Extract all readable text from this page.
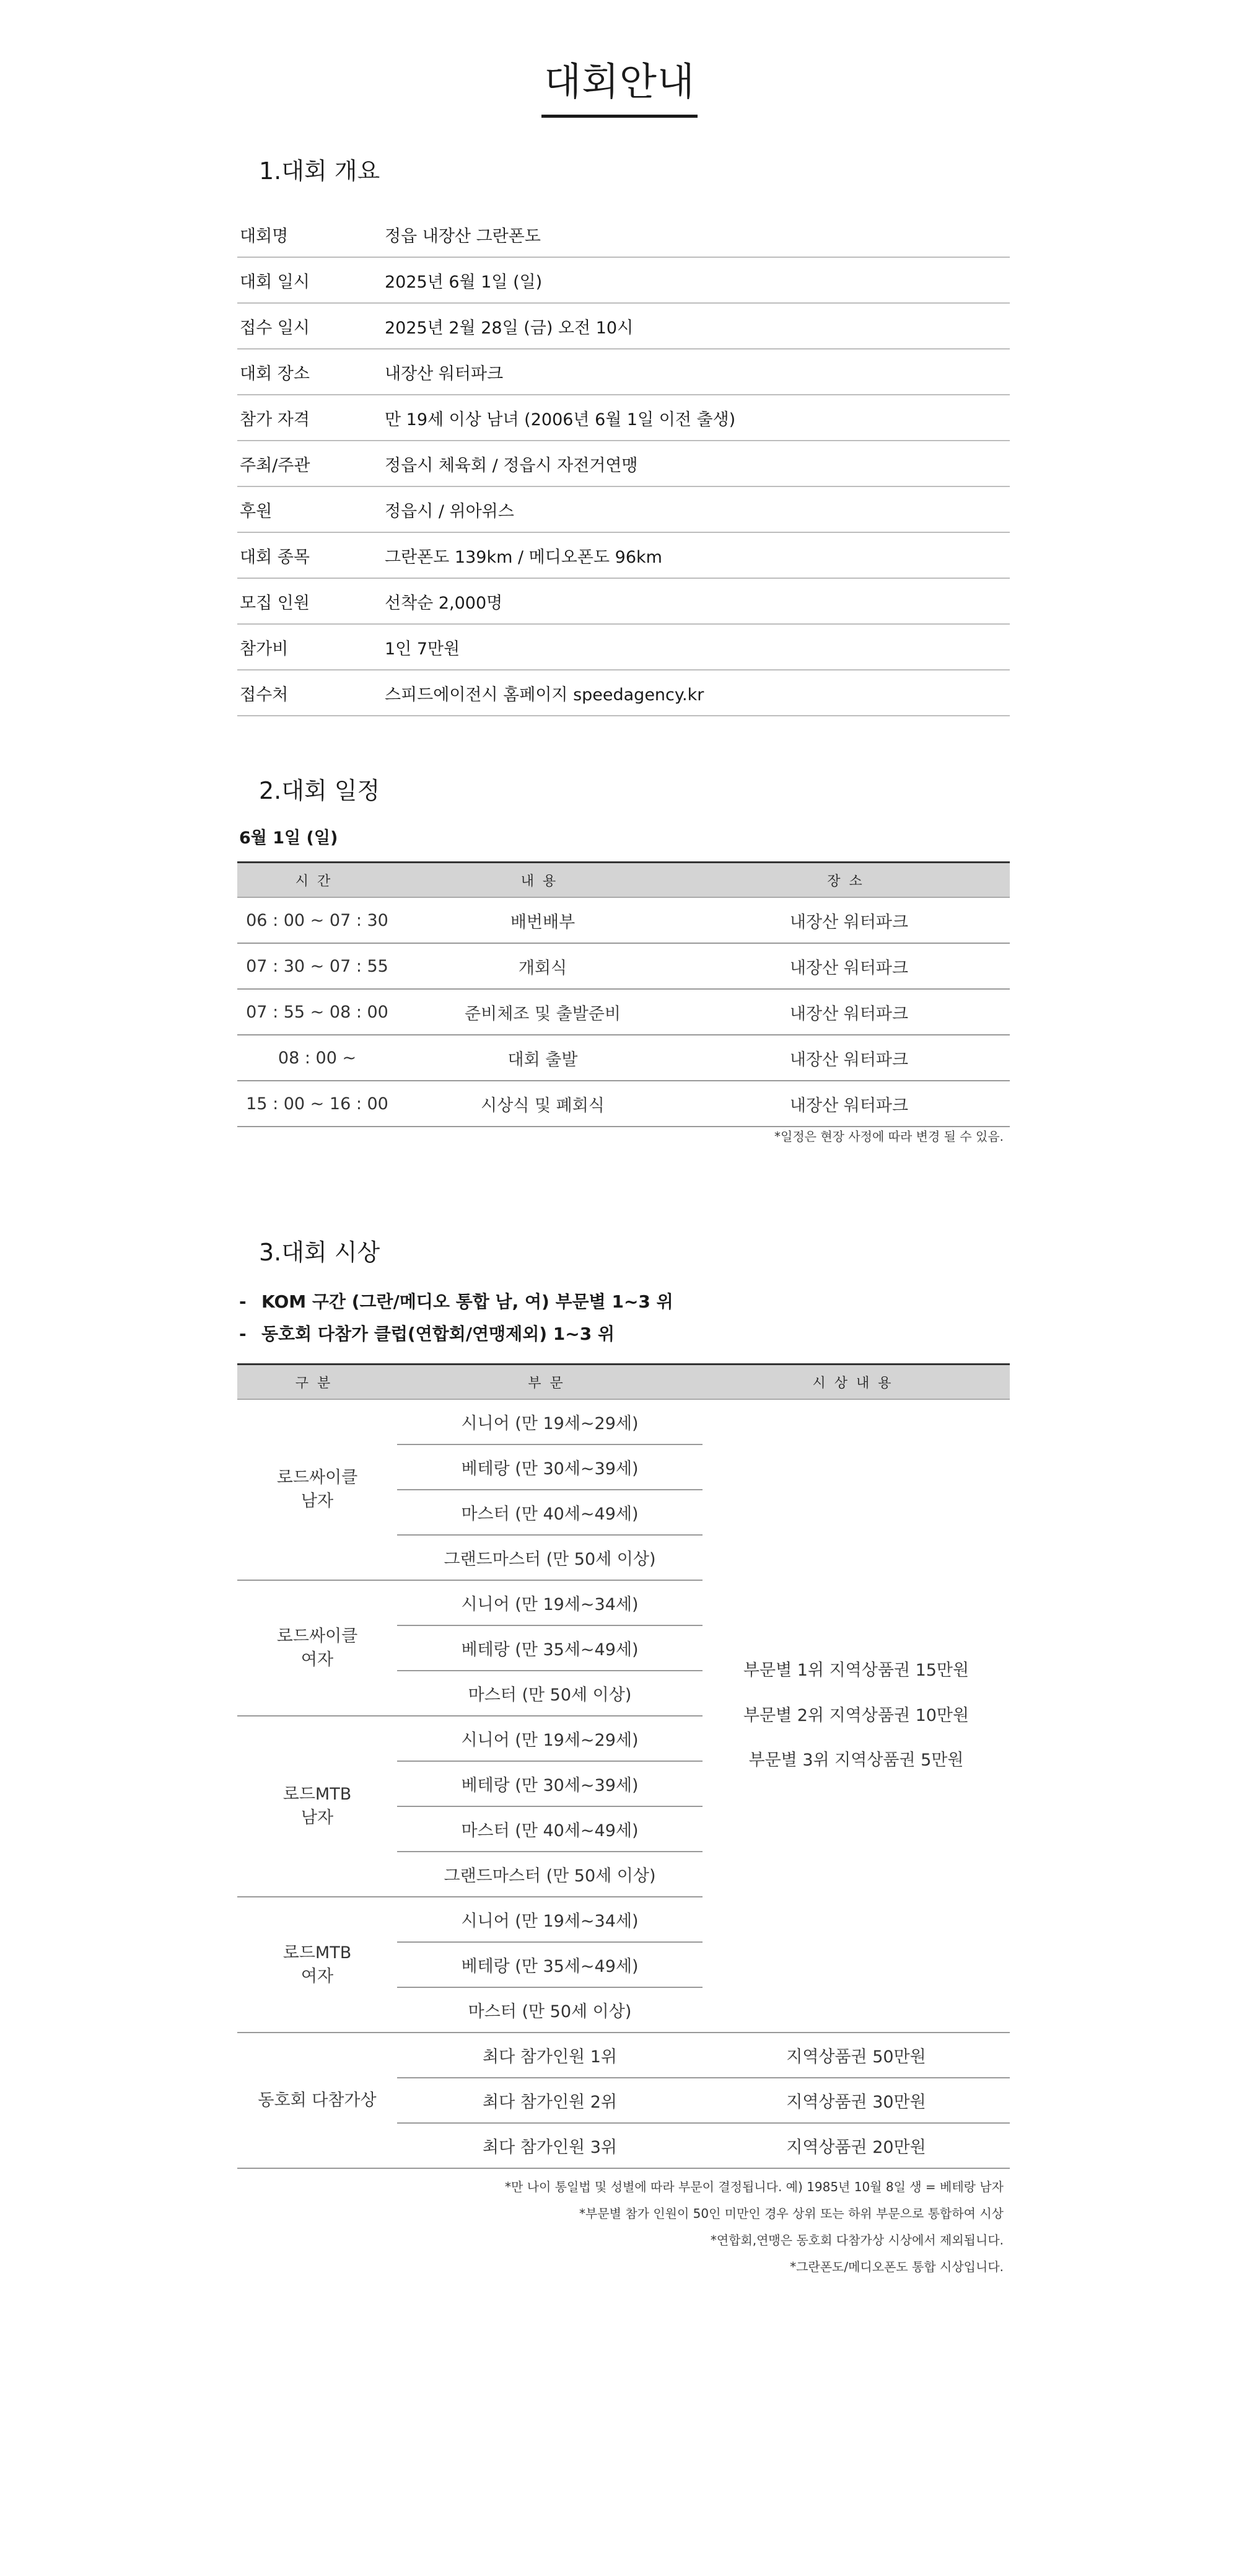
대회안내
1.대회 개요
대회명	정읍 내장산 그란폰도
대회 일시	2025년 6월 1일 (일)
접수 일시	2025년 2월 28일 (금) 오전 10시
대회 장소	내장산 워터파크
참가 자격	만 19세 이상 남녀 (2006년 6월 1일 이전 출생)
주최/주관	정읍시 체육회 / 정읍시 자전거연맹
후원	정읍시 / 위아위스
대회 종목	그란폰도 139km / 메디오폰도 96km
모집 인원	선착순 2,000명
참가비	1인 7만원
접수처	스피드에이전시 홈페이지 speedagency.kr
2.대회 일정

6월 1일 (일)

시간	내용	장소
06 : 00 ~ 07 : 30	배번배부	내장산 워터파크
07 : 30 ~ 07 : 55	개회식	내장산 워터파크
07 : 55 ~ 08 : 00	준비체조 및 출발준비	내장산 워터파크
08 : 00 ~	대회 출발	내장산 워터파크
15 : 00 ~ 16 : 00	시상식 및 폐회식	내장산 워터파크

*일정은 현장 사정에 따라 변경 될 수 있음.

3.대회 시상
- KOM 구간 (그란/메디오 통합 남, 여) 부문별 1~3 위
- 동호회 다참가 클럽(연합회/연맹제외) 1~3 위
구분	부문	시상내용
로드싸이클
남자	시니어 (만 19세~29세)	부문별 1위 지역상품권 15만원
부문별 2위 지역상품권 10만원
부문별 3위 지역상품권 5만원
	베테랑 (만 30세~39세)	
	마스터 (만 40세~49세)	
	그랜드마스터 (만 50세 이상)	
로드싸이클
여자	시니어 (만 19세~34세)	
	베테랑 (만 35세~49세)	
	마스터 (만 50세 이상)	
로드MTB
남자	시니어 (만 19세~29세)	
	베테랑 (만 30세~39세)	
	마스터 (만 40세~49세)	
	그랜드마스터 (만 50세 이상)	
로드MTB
여자	시니어 (만 19세~34세)	
	베테랑 (만 35세~49세)	
	마스터 (만 50세 이상)	
동호회 다참가상	최다 참가인원 1위	지역상품권 50만원
	최다 참가인원 2위	지역상품권 30만원
	최다 참가인원 3위	지역상품권 20만원
*만 나이 통일법 및 성별에 따라 부문이 결정됩니다. 예) 1985년 10월 8일 생 = 베테랑 남자
*부문별 참가 인원이 50인 미만인 경우 상위 또는 하위 부문으로 통합하여 시상
*연합회,연맹은 동호회 다참가상 시상에서 제외됩니다.
*그란폰도/메디오폰도 통합 시상입니다.
